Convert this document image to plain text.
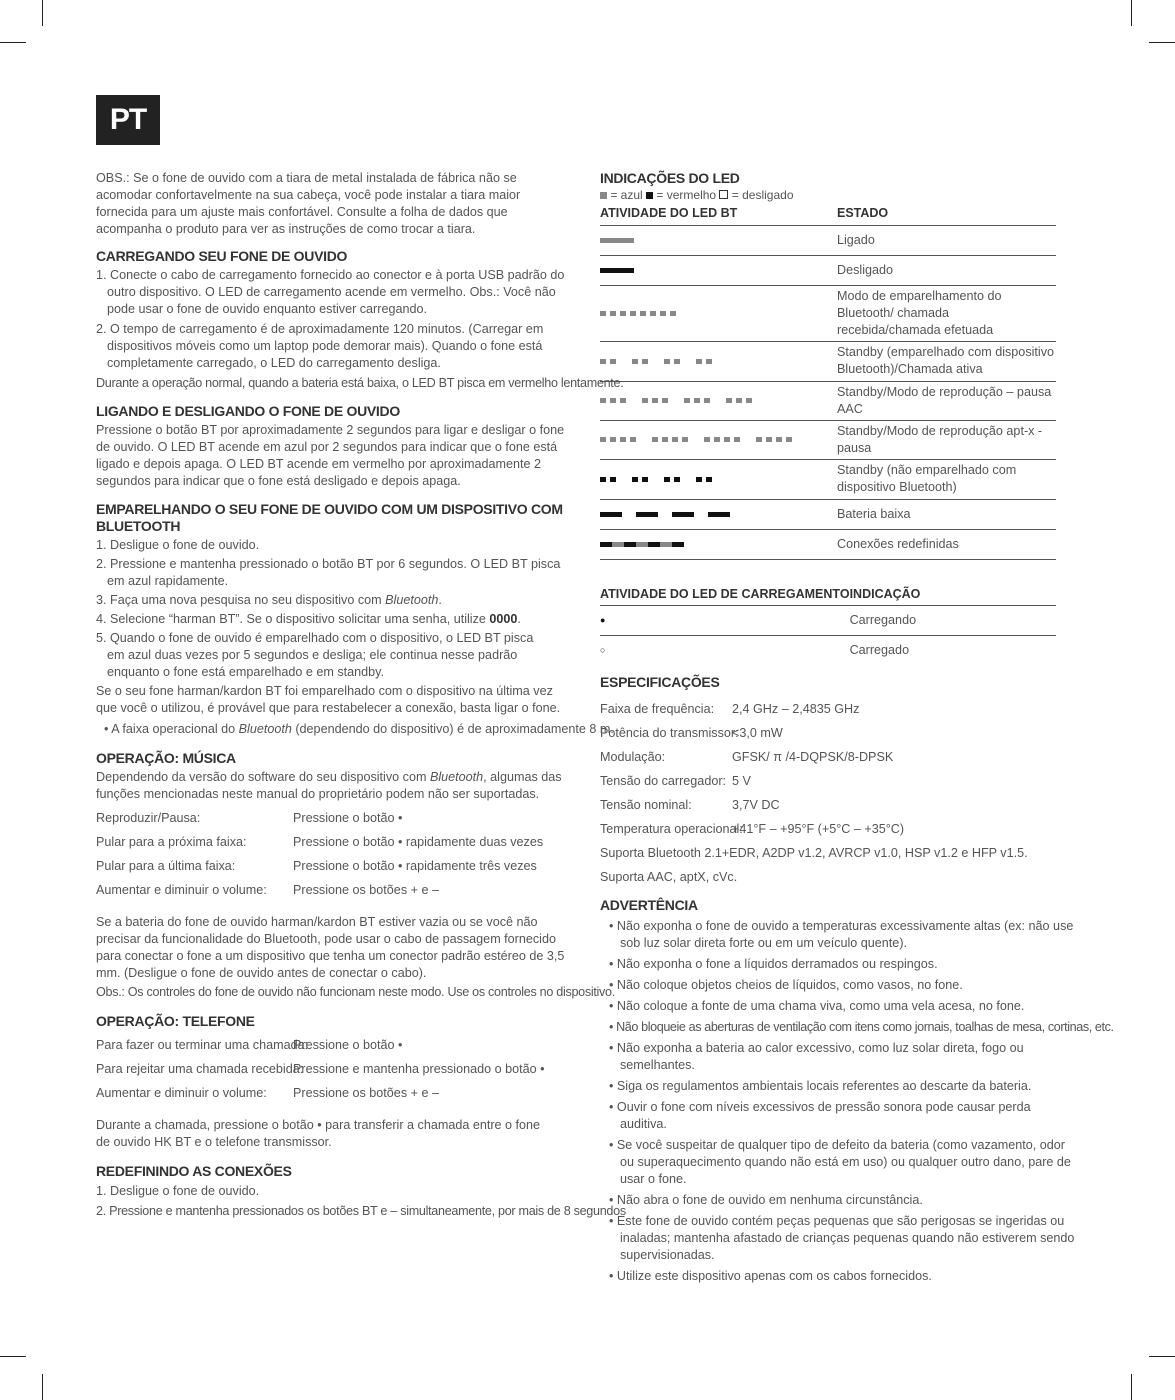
PT

OBS.: Se o fone de ouvido com a tiara de metal instalada de fábrica não se acomodar confortavelmente na sua cabeça, você pode instalar a tiara maior fornecida para um ajuste mais confortável. Consulte a folha de dados que acompanha o produto para ver as instruções de como trocar a tiara.

CARREGANDO SEU FONE DE OUVIDO

1. Conecte o cabo de carregamento fornecido ao conector e à porta USB padrão do outro dispositivo. O LED de carregamento acende em vermelho. Obs.: Você não pode usar o fone de ouvido enquanto estiver carregando.

2. O tempo de carregamento é de aproximadamente 120 minutos. (Carregar em dispositivos móveis como um laptop pode demorar mais). Quando o fone está completamente carregado, o LED do carregamento desliga.

Durante a operação normal, quando a bateria está baixa, o LED BT pisca em vermelho lentamente.

LIGANDO E DESLIGANDO O FONE DE OUVIDO

Pressione o botão BT por aproximadamente 2 segundos para ligar e desligar o fone de ouvido. O LED BT acende em azul por 2 segundos para indicar que o fone está ligado e depois apaga. O LED BT acende em vermelho por aproximadamente 2 segundos para indicar que o fone está desligado e depois apaga.

EMPARELHANDO O SEU FONE DE OUVIDO COM UM DISPOSITIVO COM BLUETOOTH

1. Desligue o fone de ouvido.

2. Pressione e mantenha pressionado o botão BT por 6 segundos. O LED BT pisca em azul rapidamente.

3. Faça uma nova pesquisa no seu dispositivo com Bluetooth.

4. Selecione “harman BT”. Se o dispositivo solicitar uma senha, utilize 0000.

5. Quando o fone de ouvido é emparelhado com o dispositivo, o LED BT pisca em azul duas vezes por 5 segundos e desliga; ele continua nesse padrão enquanto o fone está emparelhado e em standby.

Se o seu fone harman/kardon BT foi emparelhado com o dispositivo na última vez que você o utilizou, é provável que para restabelecer a conexão, basta ligar o fone.

• A faixa operacional do Bluetooth (dependendo do dispositivo) é de aproximadamente 8 m.

OPERAÇÃO: MÚSICA

Dependendo da versão do software do seu dispositivo com Bluetooth, algumas das funções mencionadas neste manual do proprietário podem não ser suportadas.

Reproduzir/Pausa:	Pressione o botão •
Pular para a próxima faixa:	Pressione o botão • rapidamente duas vezes
Pular para a última faixa:	Pressione o botão • rapidamente três vezes
Aumentar e diminuir o volume:	Pressione os botões + e –

Se a bateria do fone de ouvido harman/kardon BT estiver vazia ou se você não precisar da funcionalidade do Bluetooth, pode usar o cabo de passagem fornecido para conectar o fone a um dispositivo que tenha um conector padrão estéreo de 3,5 mm. (Desligue o fone de ouvido antes de conectar o cabo).

Obs.: Os controles do fone de ouvido não funcionam neste modo. Use os controles no dispositivo.

OPERAÇÃO: TELEFONE
Para fazer ou terminar uma chamada:
Pressione o botão •
Para rejeitar uma chamada recebida:
Pressione e mantenha pressionado o botão •
Aumentar e diminuir o volume:	Pressione os botões + e –

Durante a chamada, pressione o botão • para transferir a chamada entre o fone de ouvido HK BT e o telefone transmissor.

REDEFININDO AS CONEXÕES

1. Desligue o fone de ouvido.

2. Pressione e mantenha pressionados os botões BT e – simultaneamente, por mais de 8 segundos

INDICAÇÕES DO LED

= azul = vermelho = desligado

ATIVIDADE DO LED BT	ESTADO
	Ligado
	Desligado
	Modo de emparelhamento do Bluetooth/ chamada recebida/chamada efetuada
	Standby (emparelhado com dispositivo Bluetooth)/Chamada ativa
	Standby/Modo de reprodução – pausa AAC
	Standby/Modo de reprodução apt-x - pausa
	Standby (não emparelhado com dispositivo Bluetooth)
	Bateria baixa
	Conexões redefinidas
ATIVIDADE DO LED DE CARREGAMENTO	INDICAÇÃO
●	Carregando
○	Carregado
ESPECIFICAÇÕES
Faixa de frequência:	2,4 GHz – 2,4835 GHz
Potência do transmissor:
<3,0 mW
Modulação:	GFSK/ π /4-DQPSK/8-DPSK
Tensão do carregador: 5 V
Tensão nominal:	3,7V DC
Temperatura operacional:
+41°F – +95°F (+5°C – +35°C)
Suporta Bluetooth 2.1+EDR, A2DP v1.2, AVRCP v1.0, HSP v1.2 e HFP v1.5.
Suporta AAC, aptX, cVc.
ADVERTÊNCIA
• Não exponha o fone de ouvido a temperaturas excessivamente altas (ex: não use sob luz solar direta forte ou em um veículo quente).
• Não exponha o fone a líquidos derramados ou respingos.
• Não coloque objetos cheios de líquidos, como vasos, no fone.
• Não coloque a fonte de uma chama viva, como uma vela acesa, no fone.
• Não bloqueie as aberturas de ventilação com itens como jornais, toalhas de mesa, cortinas, etc.
• Não exponha a bateria ao calor excessivo, como luz solar direta, fogo ou semelhantes.
• Siga os regulamentos ambientais locais referentes ao descarte da bateria.
• Ouvir o fone com níveis excessivos de pressão sonora pode causar perda auditiva.
• Se você suspeitar de qualquer tipo de defeito da bateria (como vazamento, odor ou superaquecimento quando não está em uso) ou qualquer outro dano, pare de usar o fone.
• Não abra o fone de ouvido em nenhuma circunstância.
• Este fone de ouvido contém peças pequenas que são perigosas se ingeridas ou inaladas; mantenha afastado de crianças pequenas quando não estiverem sendo supervisionadas.
• Utilize este dispositivo apenas com os cabos fornecidos.
